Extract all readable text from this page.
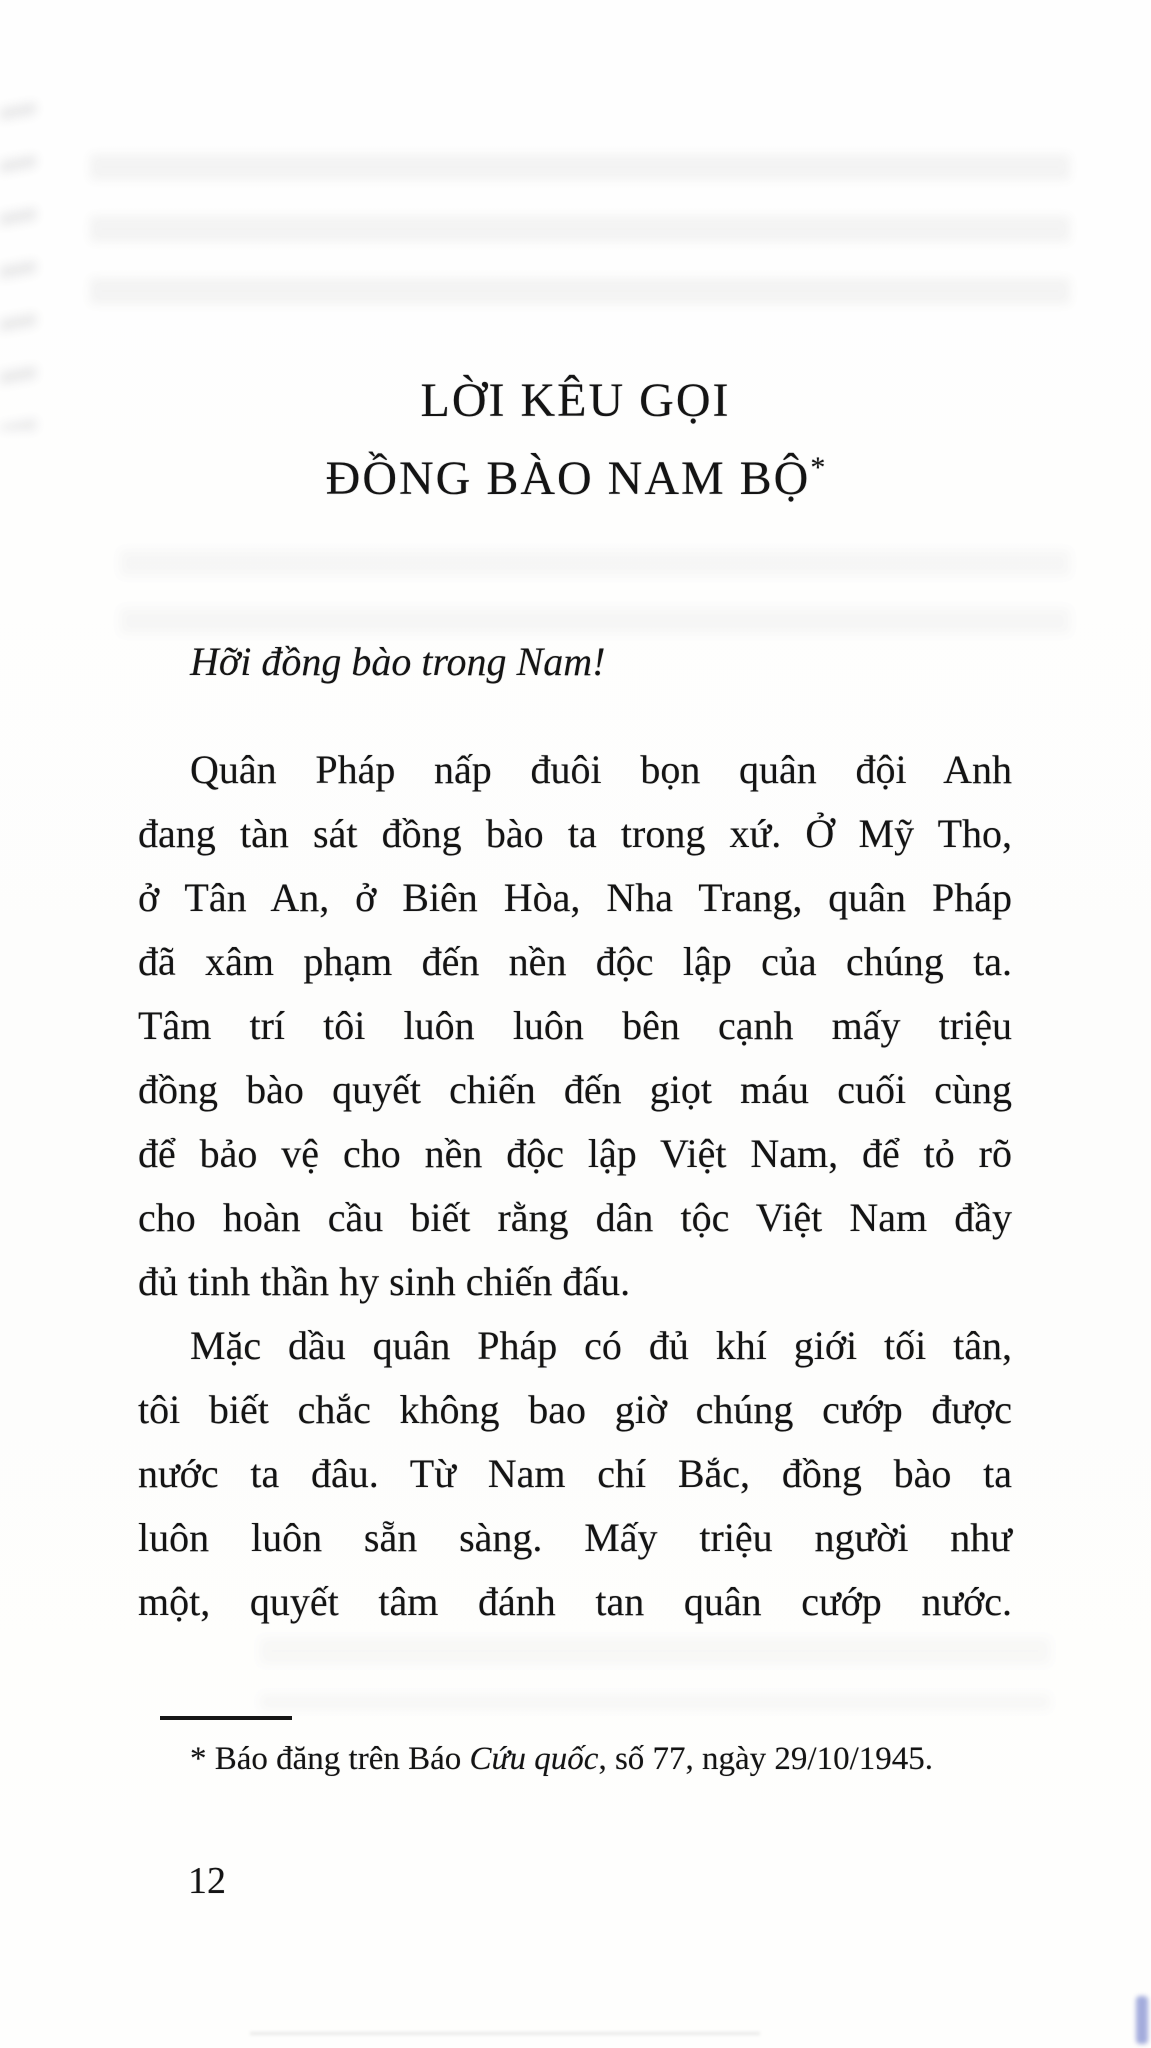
LỜI KÊU GỌI
ĐỒNG BÀO NAM BỘ*

Hỡi đồng bào trong Nam!

Quân Pháp nấp đuôi bọn quân đội Anh
đang tàn sát đồng bào ta trong xứ. Ở Mỹ Tho,
ở Tân An, ở Biên Hòa, Nha Trang, quân Pháp
đã xâm phạm đến nền độc lập của chúng ta.
Tâm trí tôi luôn luôn bên cạnh mấy triệu
đồng bào quyết chiến đến giọt máu cuối cùng
để bảo vệ cho nền độc lập Việt Nam, để tỏ rõ
cho hoàn cầu biết rằng dân tộc Việt Nam đầy
đủ tinh thần hy sinh chiến đấu.
Mặc dầu quân Pháp có đủ khí giới tối tân,
tôi biết chắc không bao giờ chúng cướp được
nước ta đâu. Từ Nam chí Bắc, đồng bào ta
luôn luôn sẵn sàng. Mấy triệu người như
một, quyết tâm đánh tan quân cướp nước.

* Báo đăng trên Báo Cứu quốc, số 77, ngày 29/10/1945.

12
